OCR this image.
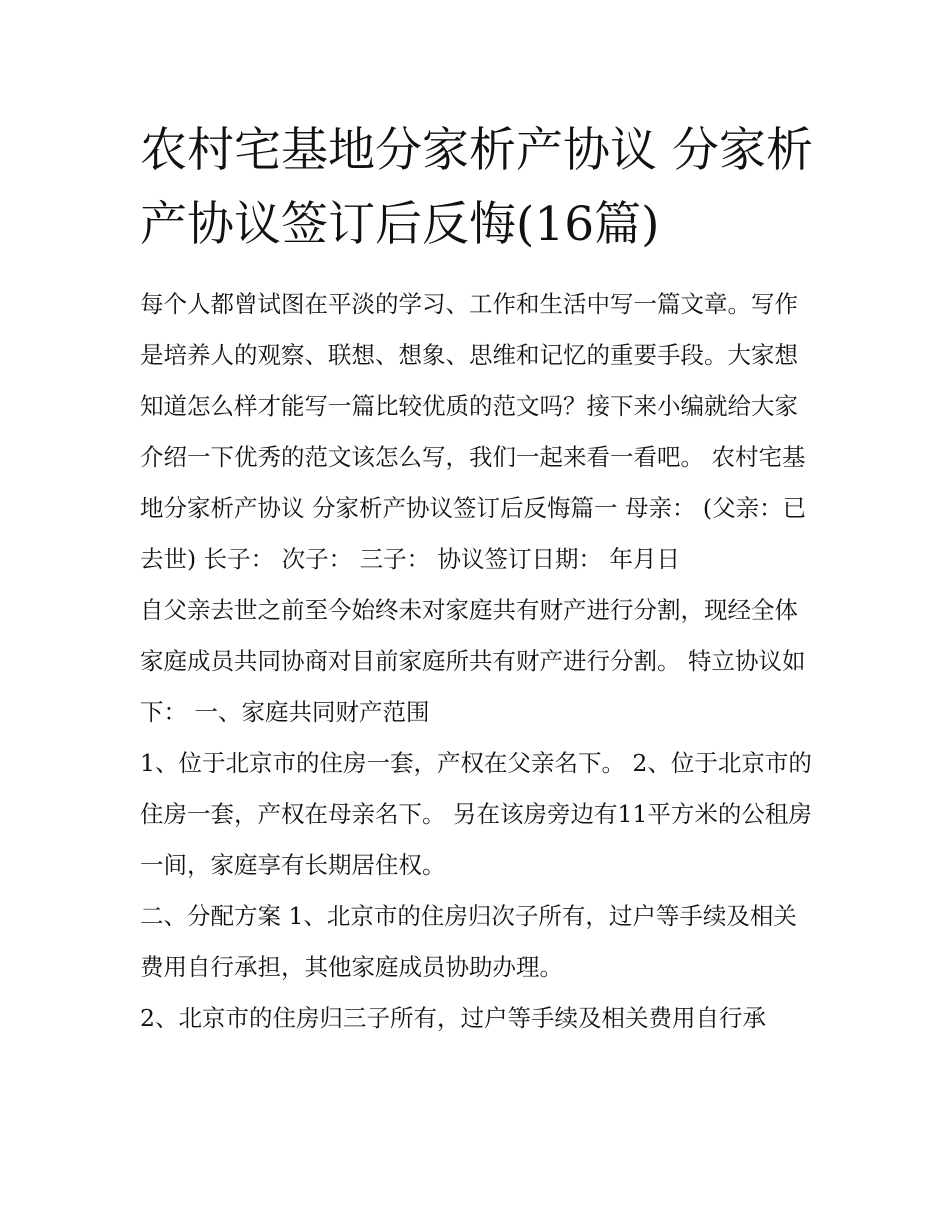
农村宅基地分家析产协议 分家析产协议签订后反悔(16篇)

每个人都曾试图在平淡的学习、工作和生活中写一篇文章。写作是培养人的观察、联想、想象、思维和记忆的重要手段。大家想知道怎么样才能写一篇比较优质的范文吗？接下来小编就给大家介绍一下优秀的范文该怎么写，我们一起来看一看吧。 农村宅基地分家析产协议 分家析产协议签订后反悔篇一 母亲： (父亲：已去世) 长子： 次子： 三子： 协议签订日期： 年月日

自父亲去世之前至今始终未对家庭共有财产进行分割，现经全体家庭成员共同协商对目前家庭所共有财产进行分割。 特立协议如下： 一、家庭共同财产范围

1、位于北京市的住房一套，产权在父亲名下。 2、位于北京市的住房一套，产权在母亲名下。 另在该房旁边有11平方米的公租房一间，家庭享有长期居住权。

二、分配方案 1、北京市的住房归次子所有，过户等手续及相关费用自行承担，其他家庭成员协助办理。

2、北京市的住房归三子所有，过户等手续及相关费用自行承
